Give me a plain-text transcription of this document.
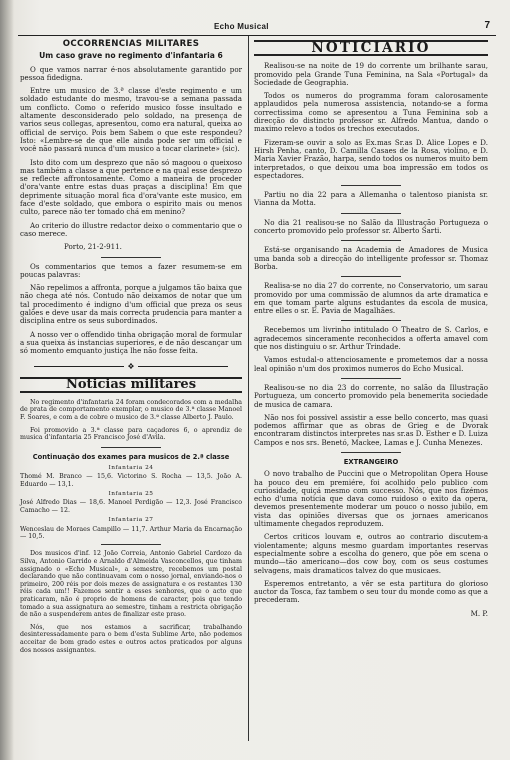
Echo Musical	7
OCCORRENCIAS MILITARES
Um caso grave no regimento d'infantaria 6

O que vamos narrar é-nos absolutamente garantido por pessoa fidedigna.

Entre um musico de 3.ª classe d'este regimento e um soldado estudante do mesmo, travou-se a semana passada um conflicto. Como o referido musico fosse insultado e altamente desconsiderado pelo soldado, na presença de varios seus collegas, apresentou, como era natural, queixa ao official de serviço. Pois bem Sabem o que este respondeu? Isto: «Lembre-se de que elle ainda pode ser um official e você não passará nunca d'um musico a tocar clarinete» (sic).

Isto dito com um desprezo que não só magoou o queixoso mas também a classe a que pertence e na qual esse desprezo se reflecte affrontosamente. Como a maneira de proceder d'ora'vante entre estas duas praças a disciplina! Em que deprimente situação moral fica d'ora'vante este musico, em face d'este soldado, que embora o espirito mais ou menos culto, parece não ter tomado chá em menino?

Ao criterio do illustre redactor deixo o commentario que o caso merece.

Porto, 21-2-911.

Os commentarios que temos a fazer resumem-se em poucas palavras:

Não repelimos a affronta, porque a julgamos tão baixa que não chega até nós. Contudo não deixamos de notar que um tal procedimento é indigno d'um official que preza os seus galões e deve usar da mais correcta prudencia para manter a disciplina entre os seus subordinados.

A nosso ver o offendido tinha obrigação moral de formular a sua queixa ás instancias superiores, e de não descançar um só momento emquanto justiça lhe não fosse feita.

❖
Noticias militares

No regimento d'infantaria 24 foram condecorados com a medalha de prata de comportamento exemplar, o musico de 3.ª classe Manoel F. Soares, e com a de cobre o musico de 3.ª classe Alberto J. Paulo.

Foi promovido a 3.ª classe para caçadores 6, o aprendiz de musica d'infantaria 25 Francisco José d'Avila.

Continuação dos exames para musicos de 2.ª classe
Infantaria 24

Thomé M. Branco — 15,6. Victorino S. Rocha — 13,5. João A. Eduardo — 13,1.

Infantaria 25

José Alfredo Dias — 18,6. Manoel Perdigão — 12,3. José Francisco Camacho — 12.

Infantaria 27

Wenceslau de Moraes Campillo — 11,7. Arthur Maria da Encarnação — 10,5.

Dos musicos d'inf. 12 João Correia, Antonio Gabriel Cardozo da Silva, Antonio Garrido e Arnaldo d'Almeida Vasconcellos, que tinham assignado o «Echo Musical», a semestre, recebemos um postal declarando que não continuavam com o nosso jornal, enviando-nos o primeiro, 200 réis por dois mezes de assignatura e os restantes 130 réis cada um!! Fazemos sentir a esses senhores, que o acto que praticaram, não é proprio de homens de caracter, pois que tendo tomado a sua assignatura ao semestre, tinham a restricta obrigação de não a suspenderem antes de finalizar este praso.

Nós, que nos estamos a sacrificar, trabalhando desinteressadamente para o bem d'esta Sublime Arte, não podemos acceitar de bom grado estes e outros actos praticados por alguns dos nossos assignantes.

NOTICIARIO

Realisou-se na noite de 19 do corrente um brilhante sarau, promovido pela Grande Tuna Feminina, na Sala «Portugal» da Sociedade de Geographia.

Todos os numeros do programma foram calorosamente applaudidos pela numerosa assistencia, notando-se a forma correctissima como se apresentou a Tuna Feminina sob a direcção do distincto professor sr. Alfredo Mantua, dando o maximo relevo a todos os trechos executados.

Fizeram-se ouvir a solo as Ex.mas Sr.as D. Alice Lopes e D. Hirsh Penha, canto, D. Camilla Casaes de la Rosa, violino, e D. Maria Xavier Frazão, harpa, sendo todos os numeros muito bem interpretados, o que deixou uma boa impressão em todos os espectadores.

Partiu no dia 22 para a Allemanha o talentoso pianista sr. Vianna da Motta.

No dia 21 realisou-se no Salão da Illustração Portugueza o concerto promovido pelo professor sr. Alberto Sarti.

Está-se organisando na Academia de Amadores de Musica uma banda sob a direcção do intelligente professor sr. Thomaz Borba.

Realisa-se no dia 27 do corrente, no Conservatorio, um sarau promovido por uma commissão de alumnos da arte dramatica e em que tomam parte alguns estudantes da escola de musica, entre elles o sr. E. Pavia de Magalhães.

Recebemos um livrinho intitulado O Theatro de S. Carlos, e agradecemos sinceramente reconhecidos a offerta amavel com que nos distinguiu o sr. Arthur Trindade.

Vamos estudal-o attenciosamente e prometemos dar a nossa leal opinião n'um dos proximos numeros do Echo Musical.

Realisou-se no dia 23 do corrente, no salão da Illustração Portugueza, um concerto promovido pela benemerita sociedade de musica de camara.

Não nos foi possivel assistir a esse bello concerto, mas quasi podemos affirmar que as obras de Grieg e de Dvorak encontraram distinctos interpretes nas sr.as D. Esther e D. Luiza Campos e nos srs. Benetó, Mackee, Lamas e J. Cunha Menezes.

EXTRANGEIRO

O novo trabalho de Puccini que o Metropolitan Opera House ha pouco deu em premiére, foi acolhido pelo publico com curiosidade, quiçá mesmo com successo. Nós, que nos fizémos echo d'uma noticia que dava como ruidoso o exito da opera, devemos presentemente moderar um pouco o nosso jubilo, em vista das opiniões diversas que os jornaes americanos ultimamente chegados reproduzem.

Certos criticos louvam e, outros ao contrario discutem-a violentamente; alguns mesmo guardam importantes reservas especialmente sobre a escolha do genero, que pôe em scena o mundo—tão americano—dos cow boy, com os seus costumes selvagens, mais dramaticos talvez do que musicaes.

Esperemos entretanto, a vêr se esta partitura do glorioso auctor da Tosca, faz tambem o seu tour du monde como as que a precederam.

M. P.
